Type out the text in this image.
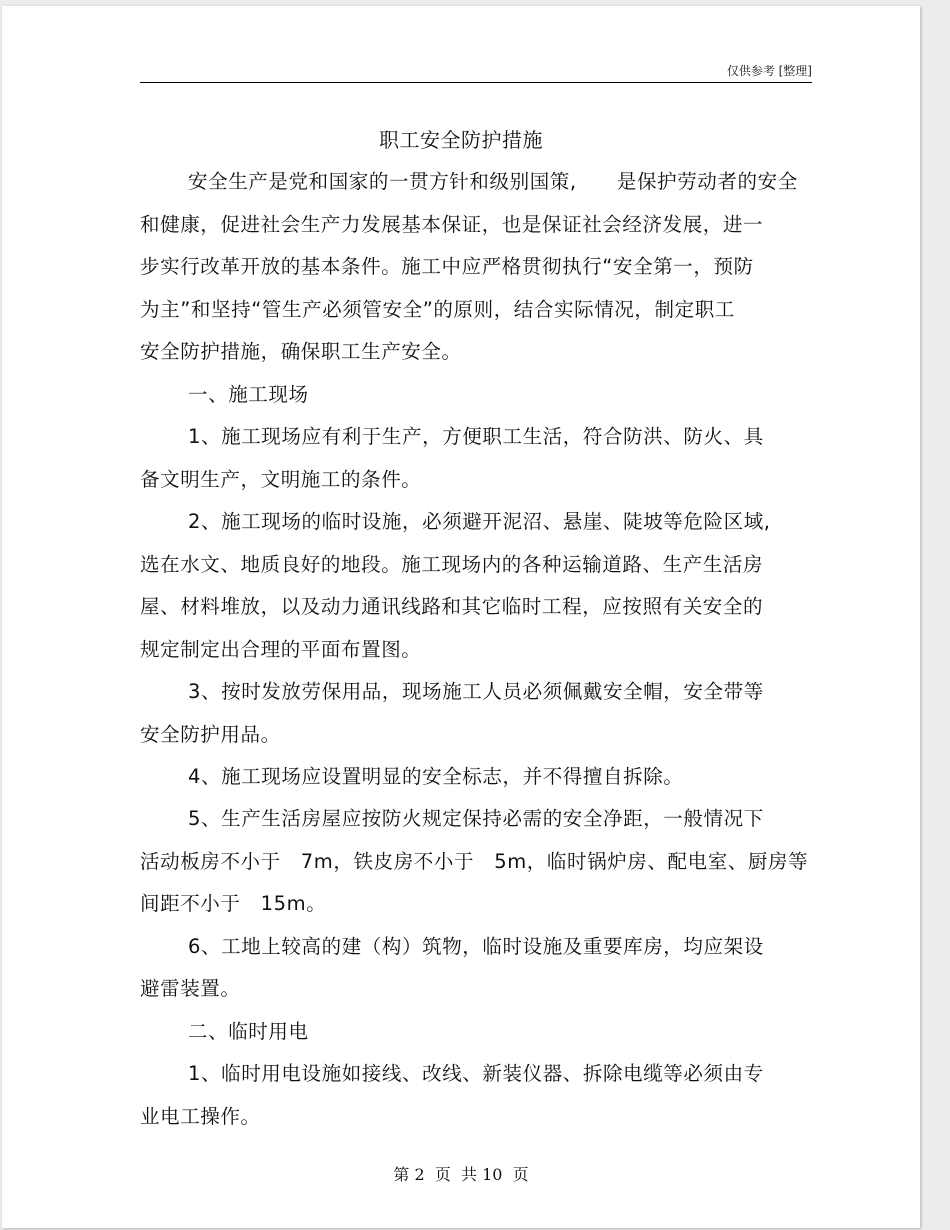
仅供参考 [整理]
职工安全防护措施
安全生产是党和国家的一贯方针和级别国策,　　是保护劳动者的安全
和健康，促进社会生产力发展基本保证，也是保证社会经济发展，进一
步实行改革开放的基本条件。施工中应严格贯彻执行“安全第一，预防
为主”和坚持“管生产必须管安全”的原则，结合实际情况，制定职工
安全防护措施，确保职工生产安全。
一、施工现场
1、施工现场应有利于生产，方便职工生活，符合防洪、防火、具
备文明生产，文明施工的条件。
2、施工现场的临时设施，必须避开泥沼、悬崖、陡坡等危险区域,
选在水文、地质良好的地段。施工现场内的各种运输道路、生产生活房
屋、材料堆放，以及动力通讯线路和其它临时工程，应按照有关安全的
规定制定出合理的平面布置图。
3、按时发放劳保用品，现场施工人员必须佩戴安全帽，安全带等
安全防护用品。
4、施工现场应设置明显的安全标志，并不得擅自拆除。
5、生产生活房屋应按防火规定保持必需的安全净距，一般情况下
活动板房不小于　7m，铁皮房不小于　5m，临时锅炉房、配电室、厨房等
间距不小于　15m。
6、工地上较高的建（构）筑物，临时设施及重要库房，均应架设
避雷装置。
二、临时用电
1、临时用电设施如接线、改线、新装仪器、拆除电缆等必须由专
业电工操作。
第 2  页  共 10  页
